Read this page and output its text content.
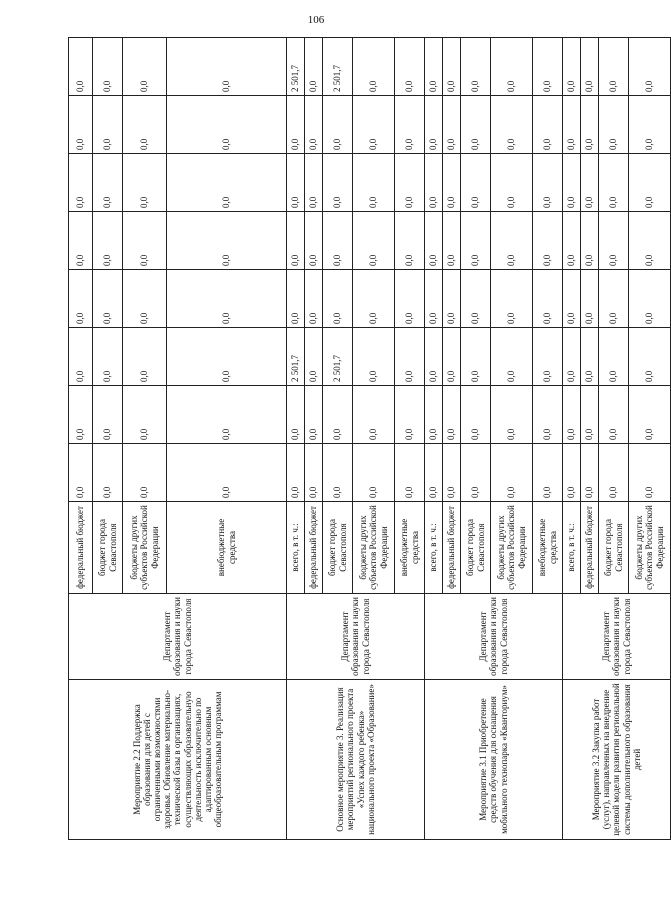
106
Мероприятие 2.2 Поддержка образования для детей с ограниченными возможностями здоровья. Обновление материально-технической базы в организациях, осуществляющих образовательную деятельность исключительно по адаптированным основным общеобразовательным программам	Департамент образования и науки города Севастополя	федеральный бюджет	0,0	0,0	0,0	0,0	0,0	0,0	0,0	0,0
		бюджет города Севастополя	0,0	0,0	0,0	0,0	0,0	0,0	0,0	0,0
		бюджеты других субъектов Российской Федерации	0,0	0,0	0,0	0,0	0,0	0,0	0,0	0,0
		внебюджетные средства	0,0	0,0	0,0	0,0	0,0	0,0	0,0	0,0
Основное мероприятие 3. Реализация мероприятий регионального проекта «Успех каждого ребенка» национального проекта «Образование»	Департамент образования и науки города Севастополя	всего, в т. ч.:	0,0	0,0	2 501,7	0,0	0,0	0,0	0,0	2 501,7
		федеральный бюджет	0,0	0,0	0,0	0,0	0,0	0,0	0,0	0,0
		бюджет города Севастополя	0,0	0,0	2 501,7	0,0	0,0	0,0	0,0	2 501,7
		бюджеты других субъектов Российской Федерации	0,0	0,0	0,0	0,0	0,0	0,0	0,0	0,0
		внебюджетные средства	0,0	0,0	0,0	0,0	0,0	0,0	0,0	0,0
Мероприятие 3.1 Приобретение средств обучения для оснащения мобильного технопарка «Кванториум»	Департамент образования и науки города Севастополя	всего, в т. ч.:	0,0	0,0	0,0	0,0	0,0	0,0	0,0	0,0
		федеральный бюджет	0,0	0,0	0,0	0,0	0,0	0,0	0,0	0,0
		бюджет города Севастополя	0,0	0,0	0,0	0,0	0,0	0,0	0,0	0,0
		бюджеты других субъектов Российской Федерации	0,0	0,0	0,0	0,0	0,0	0,0	0,0	0,0
		внебюджетные средства	0,0	0,0	0,0	0,0	0,0	0,0	0,0	0,0
Мероприятие 3.2 Закупка работ (услуг), направленных на внедрение целевой модели развития региональной системы дополнительного образования детей	Департамент образования и науки города Севастополя	всего, в т. ч.:	0,0	0,0	0,0	0,0	0,0	0,0	0,0	0,0
		федеральный бюджет	0,0	0,0	0,0	0,0	0,0	0,0	0,0	0,0
		бюджет города Севастополя	0,0	0,0	0,0	0,0	0,0	0,0	0,0	0,0
		бюджеты других субъектов Российской Федерации	0,0	0,0	0,0	0,0	0,0	0,0	0,0	0,0
